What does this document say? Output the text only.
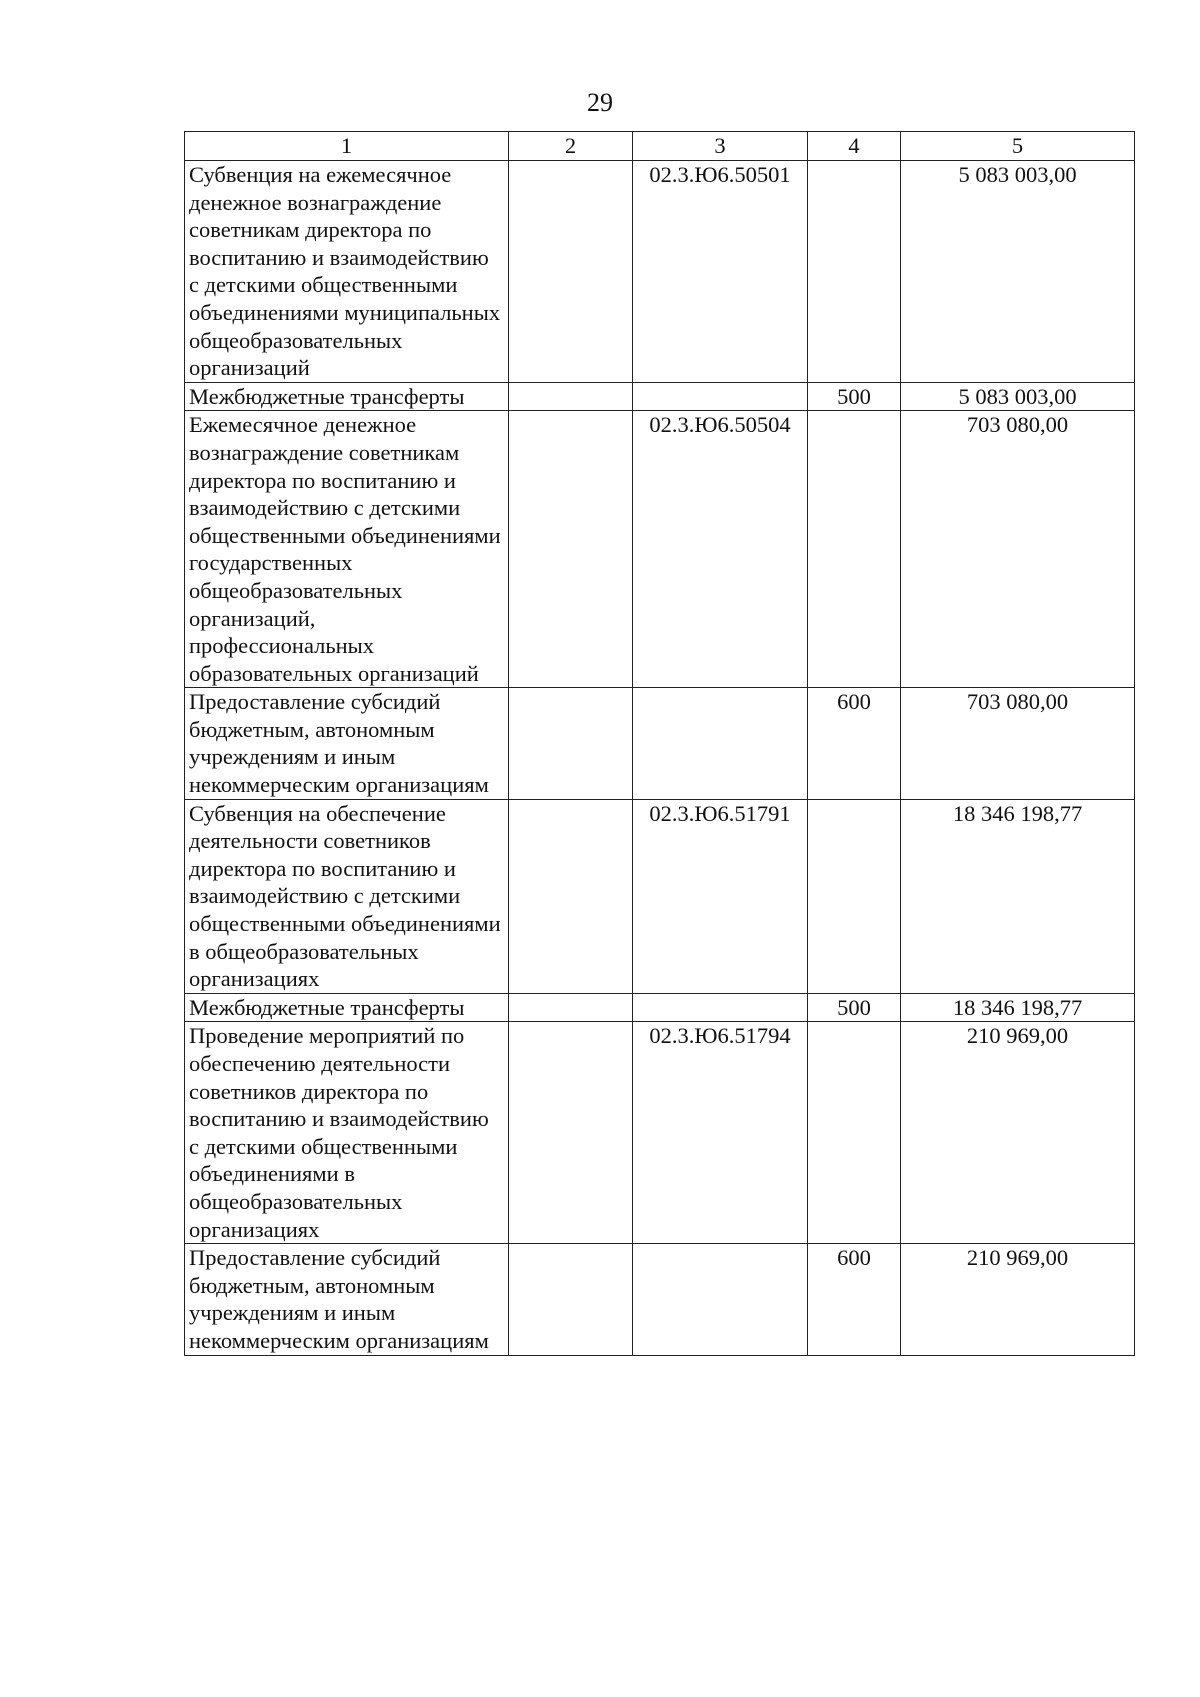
29
1	2	3	4	5
Субвенция на ежемесячное денежное вознаграждение советникам директора по воспитанию и взаимодействию с детскими общественными объединениями муниципальных общеобразовательных организаций		02.3.Ю6.50501		5 083 003,00
Межбюджетные трансферты			500	5 083 003,00
Ежемесячное денежное вознаграждение советникам директора по воспитанию и взаимодействию с детскими общественными объединениями государственных общеобразовательных организаций, профессиональных образовательных организаций		02.3.Ю6.50504		703 080,00
Предоставление субсидий бюджетным, автономным учреждениям и иным некоммерческим организациям			600	703 080,00
Субвенция на обеспечение деятельности советников директора по воспитанию и взаимодействию с детскими общественными объединениями в общеобразовательных организациях		02.3.Ю6.51791		18 346 198,77
Межбюджетные трансферты			500	18 346 198,77
Проведение мероприятий по обеспечению деятельности советников директора по воспитанию и взаимодействию с детскими общественными объединениями в общеобразовательных организациях		02.3.Ю6.51794		210 969,00
Предоставление субсидий бюджетным, автономным учреждениям и иным некоммерческим организациям			600	210 969,00
